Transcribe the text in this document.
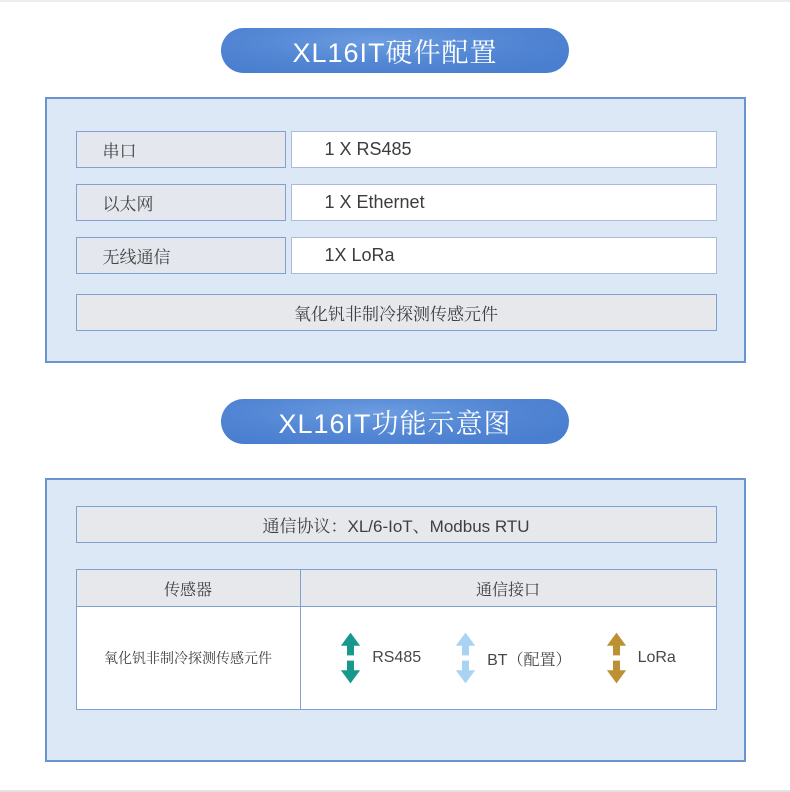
XL16IT硬件配置
串口	1 X RS485
以太网	1 X Ethernet
无线通信	1X LoRa
氧化钒非制冷探测传感元件
XL16IT功能示意图
通信协议：XL/6-IoT、Modbus RTU
传感器	通信接口
氧化钒非制冷探测传感元件	RS485	BT（配置）	LoRa
